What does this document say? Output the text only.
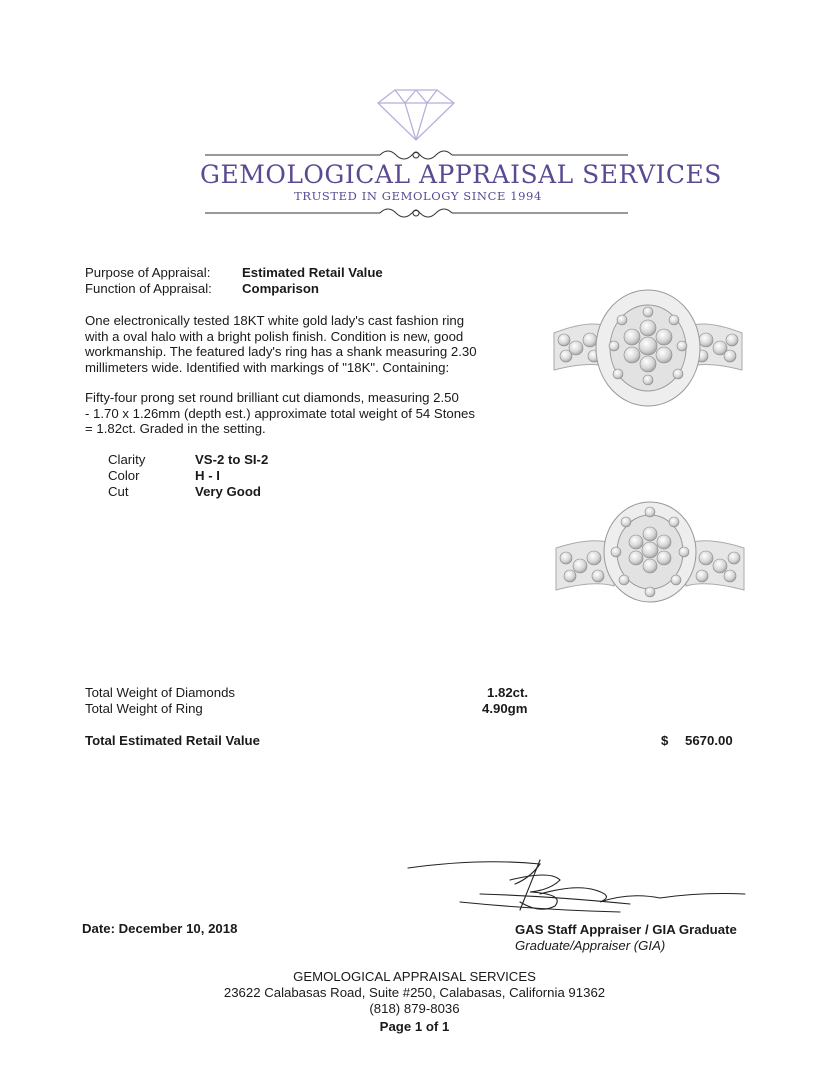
GEMOLOGICAL APPRAISAL SERVICES
TRUSTED IN GEMOLOGY SINCE 1994
Purpose of Appraisal: Estimated Retail Value
Function of Appraisal: Comparison
One electronically tested 18KT white gold lady's cast fashion ring
with a oval halo with a bright polish finish. Condition is new, good
workmanship. The featured lady's ring has a shank measuring 2.30
millimeters wide. Identified with markings of "18K". Containing:
Fifty-four prong set round brilliant cut diamonds, measuring 2.50
- 1.70 x 1.26mm (depth est.) approximate total weight of 54 Stones
= 1.82ct. Graded in the setting.
Clarity	VS-2 to SI-2
Color	H - I
Cut	Very Good
Total Weight of Diamonds	1.82ct.
Total Weight of Ring	4.90gm
Total Estimated Retail Value	$ 5670.00
Date: December 10, 2018	GAS Staff Appraiser / GIA Graduate
Graduate/Appraiser (GIA)
GEMOLOGICAL APPRAISAL SERVICES
23622 Calabasas Road, Suite #250, Calabasas, California 91362
(818) 879-8036
Page 1 of 1
